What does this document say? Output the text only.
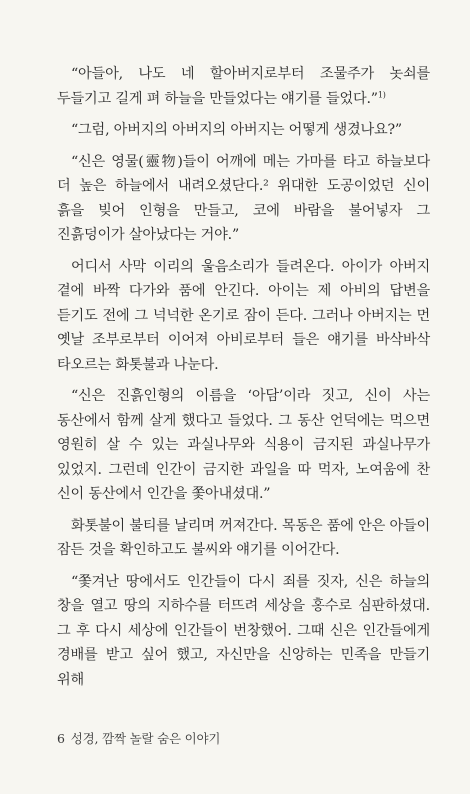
“아들아, 나도 네 할아버지로부터 조물주가 놋쇠를 두들기고 길게 펴 하늘을 만들었다는 얘기를 들었다.”$^{1)}$

“그럼, 아버지의 아버지의 아버지는 어떻게 생겼나요?”

“신은 영물(靈物)들이 어깨에 메는 가마를 타고 하늘보다 더 높은 하늘에서 내려오셨단다.² 위대한 도공이었던 신이 흙을 빚어 인형을 만들고, 코에 바람을 불어넣자 그 진흙덩이가 살아났다는 거야.”

어디서 사막 이리의 울음소리가 들려온다. 아이가 아버지 곁에 바짝 다가와 품에 안긴다. 아이는 제 아비의 답변을 듣기도 전에 그 넉넉한 온기로 잠이 든다. 그러나 아버지는 먼 옛날 조부로부터 이어져 아비로부터 들은 얘기를 바삭바삭 타오르는 화톳불과 나눈다.

“신은 진흙인형의 이름을 ‘아담’이라 짓고, 신이 사는 동산에서 함께 살게 했다고 들었다. 그 동산 언덕에는 먹으면 영원히 살 수 있는 과실나무와 식용이 금지된 과실나무가 있었지. 그런데 인간이 금지한 과일을 따 먹자, 노여움에 찬 신이 동산에서 인간을 쫓아내셨대.”

화톳불이 불티를 날리며 꺼져간다. 목동은 품에 안은 아들이 잠든 것을 확인하고도 불씨와 얘기를 이어간다.

“쫓겨난 땅에서도 인간들이 다시 죄를 짓자, 신은 하늘의 창을 열고 땅의 지하수를 터뜨려 세상을 홍수로 심판하셨대. 그 후 다시 세상에 인간들이 번창했어. 그때 신은 인간들에게 경배를 받고 싶어 했고, 자신만을 신앙하는 민족을 만들기 위해

6 성경, 깜짝 놀랄 숨은 이야기
